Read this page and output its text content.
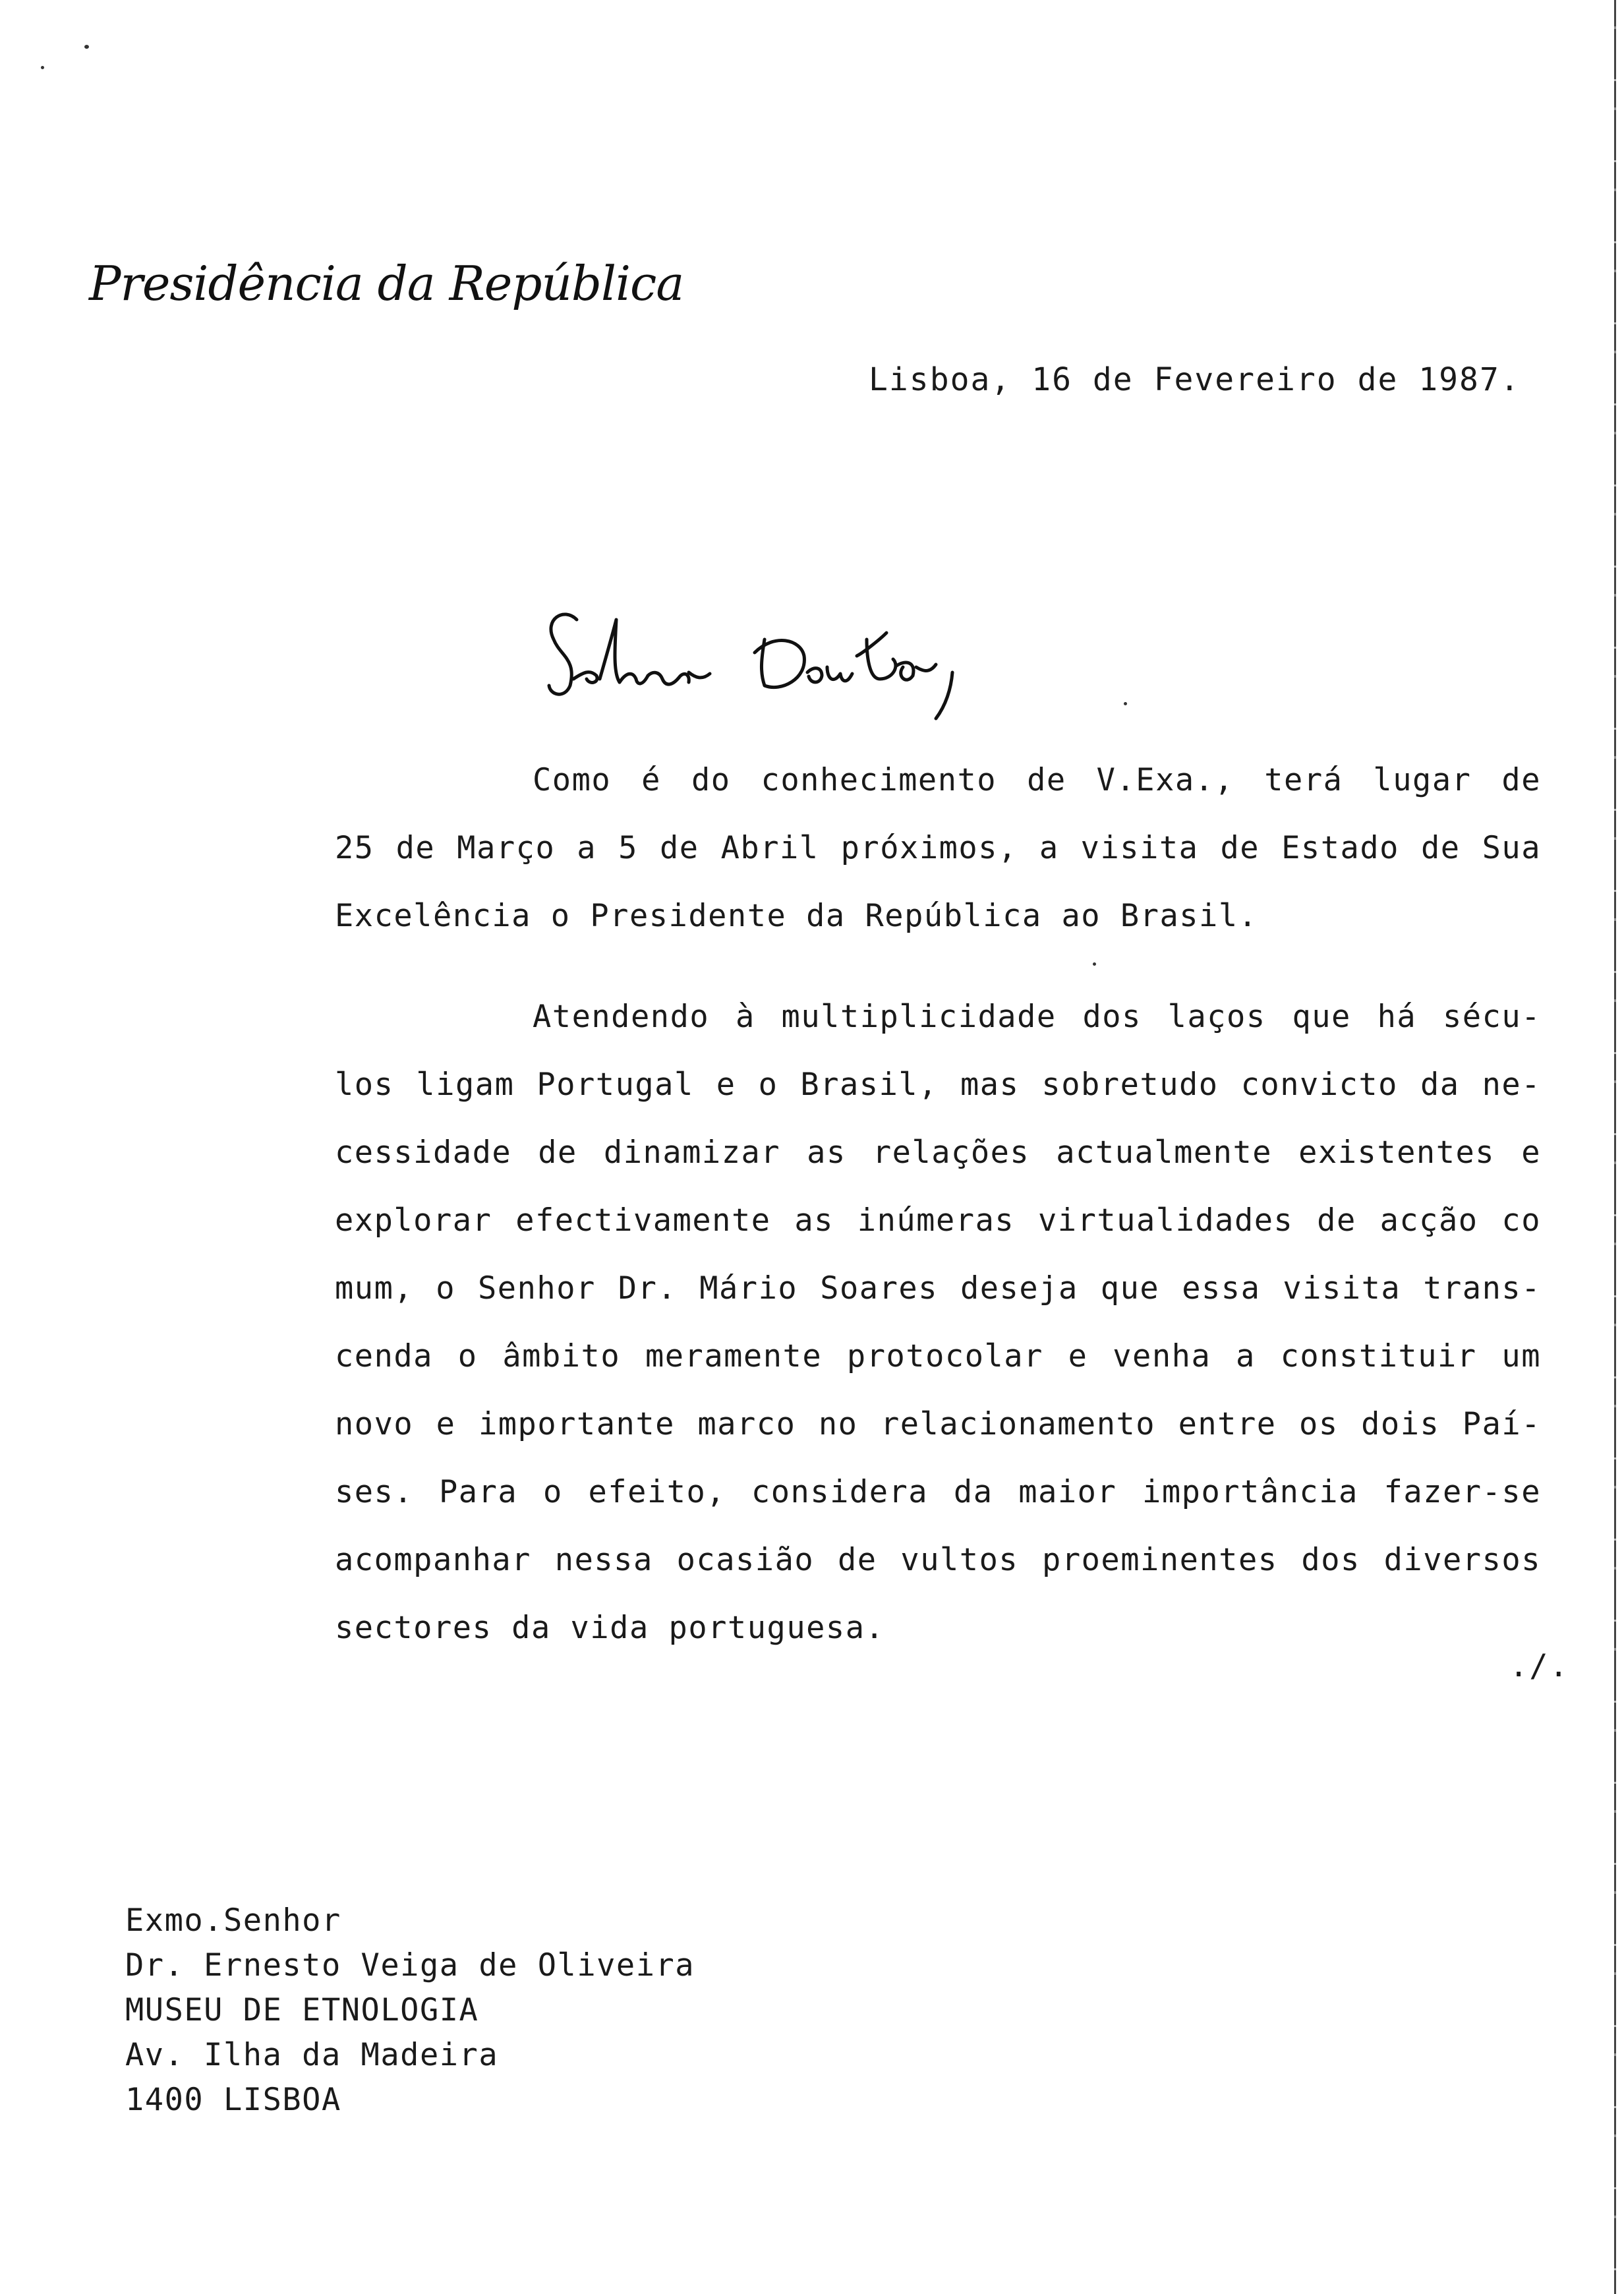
Presidência da República
Lisboa, 16 de Fevereiro de 1987.
Como é do conhecimento de V.Exa., terá lugar de
25 de Março a 5 de Abril próximos, a visita de Estado de Sua
Excelência o Presidente da República ao Brasil.
Atendendo à multiplicidade dos laços que há sécu-
los ligam Portugal e o Brasil, mas sobretudo convicto da ne-
cessidade de dinamizar as relações actualmente existentes e
explorar efectivamente as inúmeras virtualidades de acção co
mum, o Senhor Dr. Mário Soares deseja que essa visita trans-
cenda o âmbito meramente protocolar e venha a constituir um
novo e importante marco no relacionamento entre os dois Paí-
ses. Para o efeito, considera da maior importância fazer-se
acompanhar nessa ocasião de vultos proeminentes dos diversos
sectores da vida portuguesa.
./.
Exmo.Senhor
Dr. Ernesto Veiga de Oliveira
MUSEU DE ETNOLOGIA
Av. Ilha da Madeira
1400 LISBOA
